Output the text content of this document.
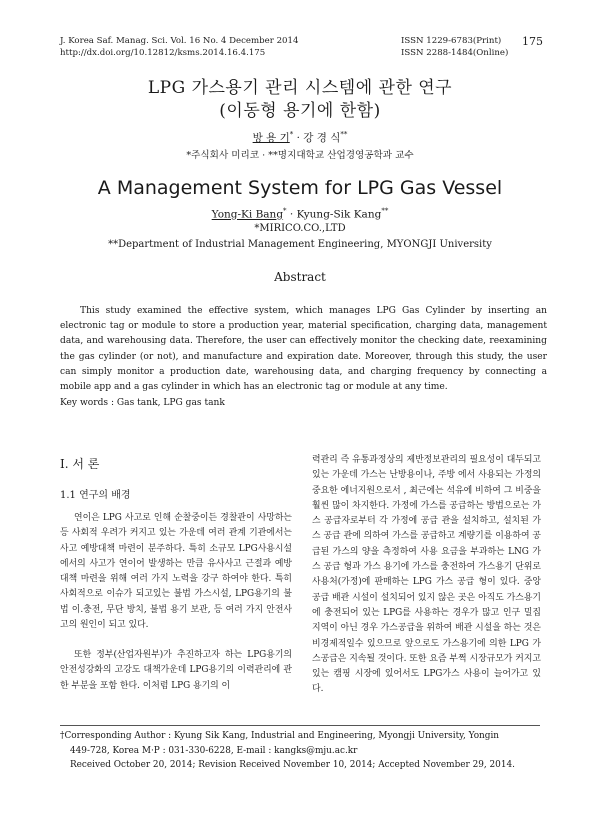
J. Korea Saf. Manag. Sci. Vol. 16 No. 4 December 2014
http://dx.doi.org/10.12812/ksms.2014.16.4.175
ISSN 1229-6783(Print)
ISSN 2288-1484(Online)
175
LPG 가스용기 관리 시스템에 관한 연구
(이동형 용기에 한함)
방 용 기* · 강 경 식**
*주식회사 미리코 · **명지대학교 산업경영공학과 교수
A Management System for LPG Gas Vessel
Yong-Ki Bang* · Kyung-Sik Kang**
*MIRICO.CO.,LTD
**Department of Industrial Management Engineering, MYONGJI University
Abstract
This study examined the effective system, which manages LPG Gas Cylinder by inserting an electronic tag or module to store a production year, material specification, charging data, management data, and warehousing data. Therefore, the user can effectively monitor the checking date, reexamining the gas cylinder (or not), and manufacture and expiration date. Moreover, through this study, the user can simply monitor a production date, warehousing data, and charging frequency by connecting a mobile app and a gas cylinder in which has an electronic tag or module at any time.
Key words : Gas tank, LPG gas tank
I. 서 론
1.1 연구의 배경
연이은 LPG 사고로 인해 순찰중이든 경찰관이 사망하는 등 사회적 우려가 커지고 있는 가운데 여러 관계 기관에서는 사고 예방대책 마련이 분주하다. 특히 소규모 LPG사용시설에서의 사고가 연이어 발생하는 만큼 유사사고 근절과 예방대책 마련을 위해 여러 가지 노력을 강구 하여야 한다. 특히 사회적으로 이슈가 되고있는 불법 가스시설, LPG용기의 불법 이.충전, 무단 방치, 불법 용기 보관, 등 여러 가지 안전사고의 원인이 되고 있다.
또한 정부(산업자원부)가 추진하고자 하는 LPG용기의 안전성강화의 고강도 대책가운데 LPG용기의 이력관리에 관한 부분을 포함 한다. 이처럼 LPG 용기의 이
력관리 즉 유통과정상의 제반정보관리의 필요성이 대두되고 있는 가운데 가스는 난방용이나, 주방 에서 사용되는 가정의 중요한 에너지원으로서 , 최근에는 석유에 비하여 그 비중을 훨씬 많이 차지한다. 가정에 가스를 공급하는 방법으로는 가스 공급자로부터 각 가정에 공급 관을 설치하고, 설치된 가스 공급 관에 의하여 가스를 공급하고 계량기를 이용하여 공급된 가스의 양을 측정하여 사용 요금을 부과하는 LNG 가스 공급 형과 가스 용기에 가스를 충전하여 가스용기 단위로 사용처(가정)에 판매하는 LPG 가스 공급 형이 있다. 중앙 공급 배관 시설이 설치되어 있지 않은 곳은 아직도 가스용기에 충전되어 있는 LPG를 사용하는 경우가 많고 인구 밀집 지역이 아닌 경우 가스공급을 위하여 배관 시설을 하는 것은 비경제적일수 있으므로 앞으로도 가스용기에 의한 LPG 가스공급은 지속될 것이다. 또한 요즘 부쩍 시장규모가 커지고 있는 캠핑 시장에 있어서도 LPG가스 사용이 늘어가고 있다.
†Corresponding Author : Kyung Sik Kang, Industrial and Engineering, Myongji University, Yongin
449-728, Korea M·P : 031-330-6228, E-mail : kangks@mju.ac.kr
Received October 20, 2014; Revision Received November 10, 2014; Accepted November 29, 2014.
